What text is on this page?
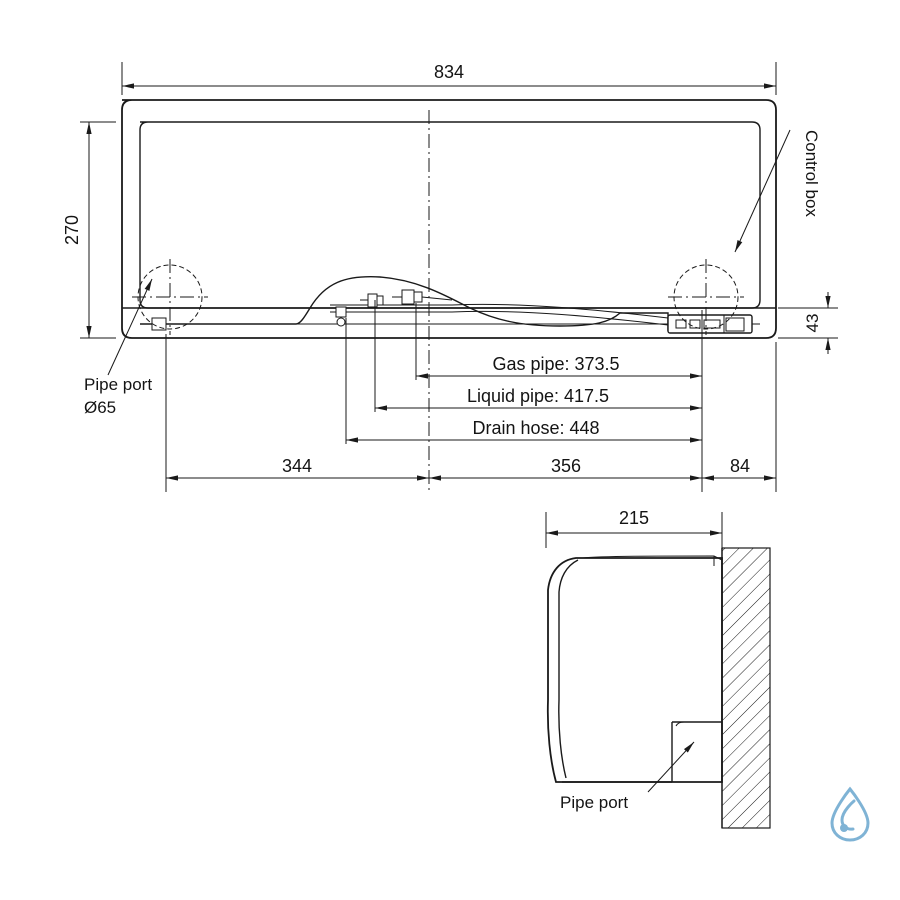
834
270
43
Control box
Pipe port
Ø65
Gas pipe: 373.5
Liquid pipe: 417.5
Drain hose: 448
344	356	84
215
Pipe port
